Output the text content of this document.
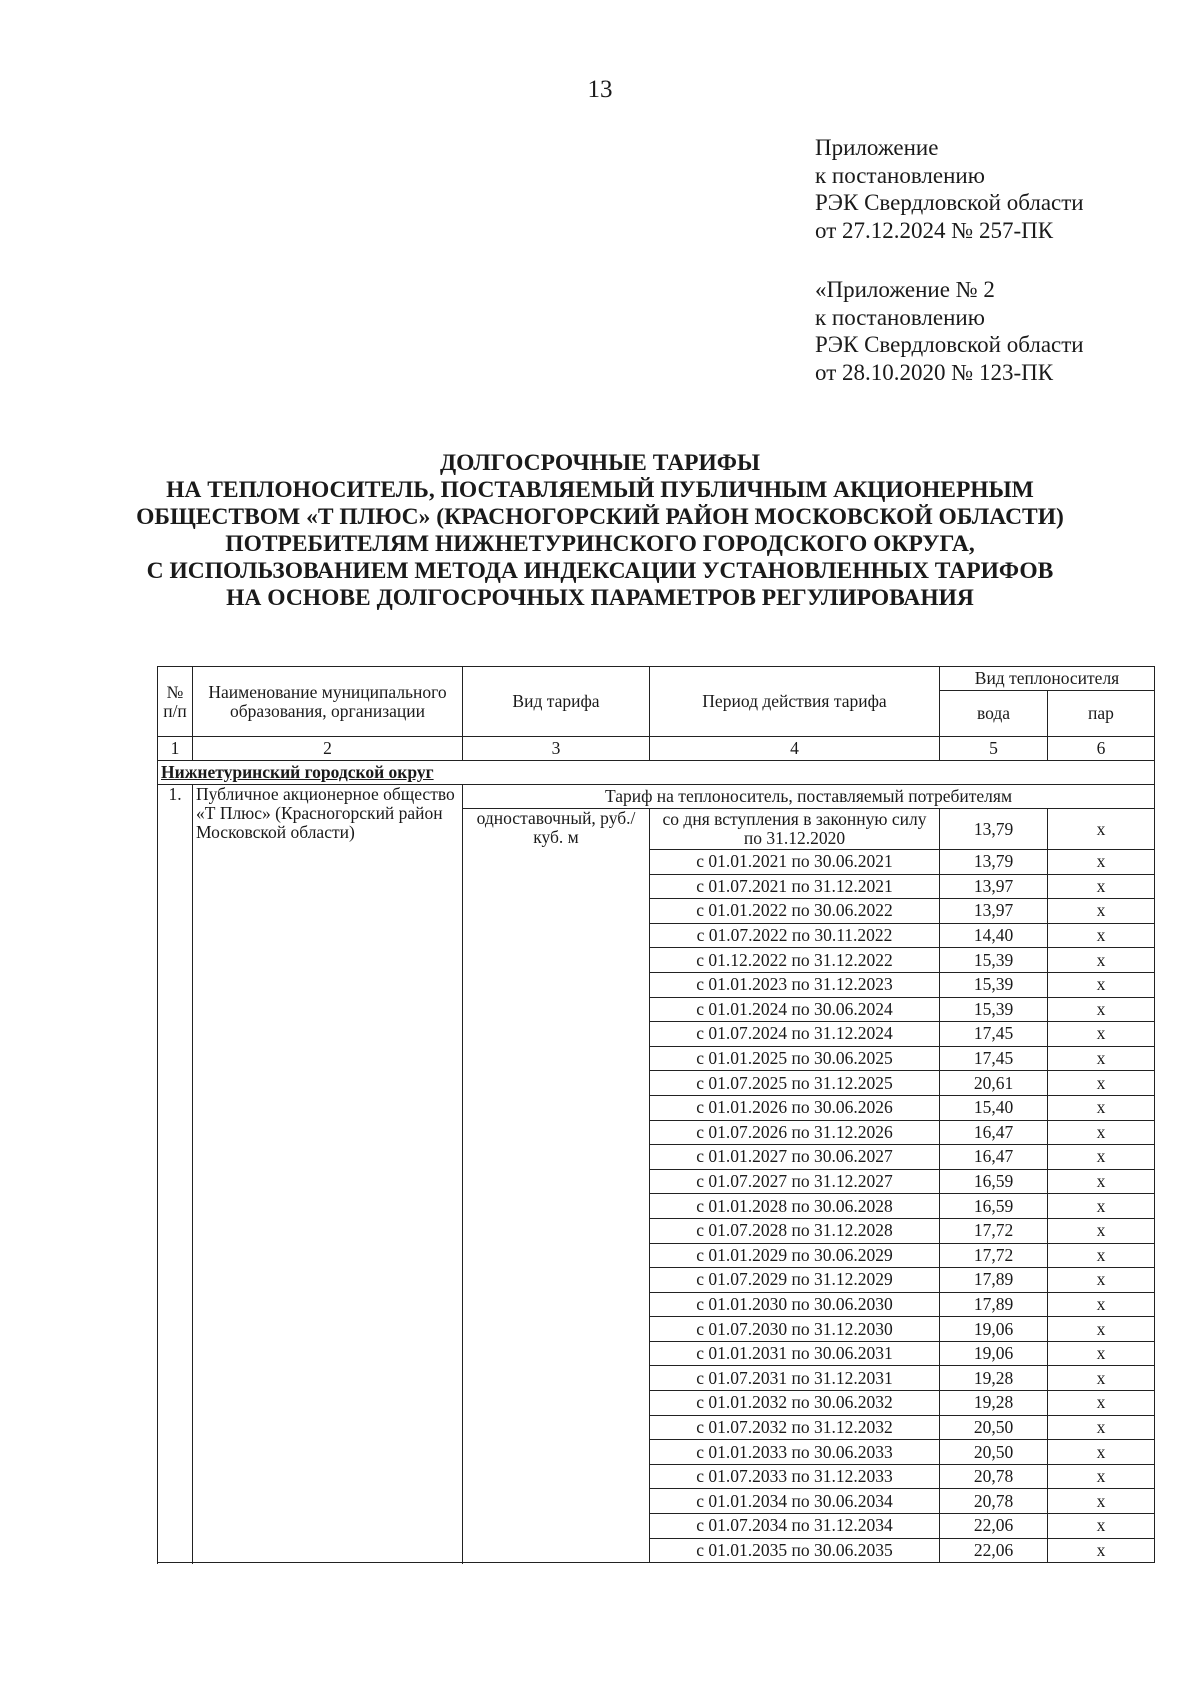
13
Приложение
к постановлению
РЭК Свердловской области
от 27.12.2024 № 257-ПК
«Приложение № 2
к постановлению
РЭК Свердловской области
от 28.10.2020 № 123-ПК
ДОЛГОСРОЧНЫЕ ТАРИФЫ
НА ТЕПЛОНОСИТЕЛЬ, ПОСТАВЛЯЕМЫЙ ПУБЛИЧНЫМ АКЦИОНЕРНЫМ
ОБЩЕСТВОМ «Т ПЛЮС» (КРАСНОГОРСКИЙ РАЙОН МОСКОВСКОЙ ОБЛАСТИ)
ПОТРЕБИТЕЛЯМ НИЖНЕТУРИНСКОГО ГОРОДСКОГО ОКРУГА,
С ИСПОЛЬЗОВАНИЕМ МЕТОДА ИНДЕКСАЦИИ УСТАНОВЛЕННЫХ ТАРИФОВ
НА ОСНОВЕ ДОЛГОСРОЧНЫХ ПАРАМЕТРОВ РЕГУЛИРОВАНИЯ
№ п/п	Наименование муниципального образования, организации	Вид тарифа	Период действия тарифа	Вид теплоносителя	
				вода	пар
1	2	3	4	5	6
Нижнетуринский городской округ					
1.	Публичное акционерное общество «Т Плюс» (Красногорский район Московской области)	Тариф на теплоноситель, поставляемый потребителям			
		одноставочный, руб./куб. м	со дня вступления в законную силу по 31.12.2020	13,79	x
			с 01.01.2021 по 30.06.2021	13,79	x
			с 01.07.2021 по 31.12.2021	13,97	x
			с 01.01.2022 по 30.06.2022	13,97	x
			с 01.07.2022 по 30.11.2022	14,40	x
			с 01.12.2022 по 31.12.2022	15,39	x
			с 01.01.2023 по 31.12.2023	15,39	x
			с 01.01.2024 по 30.06.2024	15,39	x
			с 01.07.2024 по 31.12.2024	17,45	x
			с 01.01.2025 по 30.06.2025	17,45	x
			с 01.07.2025 по 31.12.2025	20,61	x
			с 01.01.2026 по 30.06.2026	15,40	x
			с 01.07.2026 по 31.12.2026	16,47	x
			с 01.01.2027 по 30.06.2027	16,47	x
			с 01.07.2027 по 31.12.2027	16,59	x
			с 01.01.2028 по 30.06.2028	16,59	x
			с 01.07.2028 по 31.12.2028	17,72	x
			с 01.01.2029 по 30.06.2029	17,72	x
			с 01.07.2029 по 31.12.2029	17,89	x
			с 01.01.2030 по 30.06.2030	17,89	x
			с 01.07.2030 по 31.12.2030	19,06	x
			с 01.01.2031 по 30.06.2031	19,06	x
			с 01.07.2031 по 31.12.2031	19,28	x
			с 01.01.2032 по 30.06.2032	19,28	x
			с 01.07.2032 по 31.12.2032	20,50	x
			с 01.01.2033 по 30.06.2033	20,50	x
			с 01.07.2033 по 31.12.2033	20,78	x
			с 01.01.2034 по 30.06.2034	20,78	x
			с 01.07.2034 по 31.12.2034	22,06	x
			с 01.01.2035 по 30.06.2035	22,06	x
